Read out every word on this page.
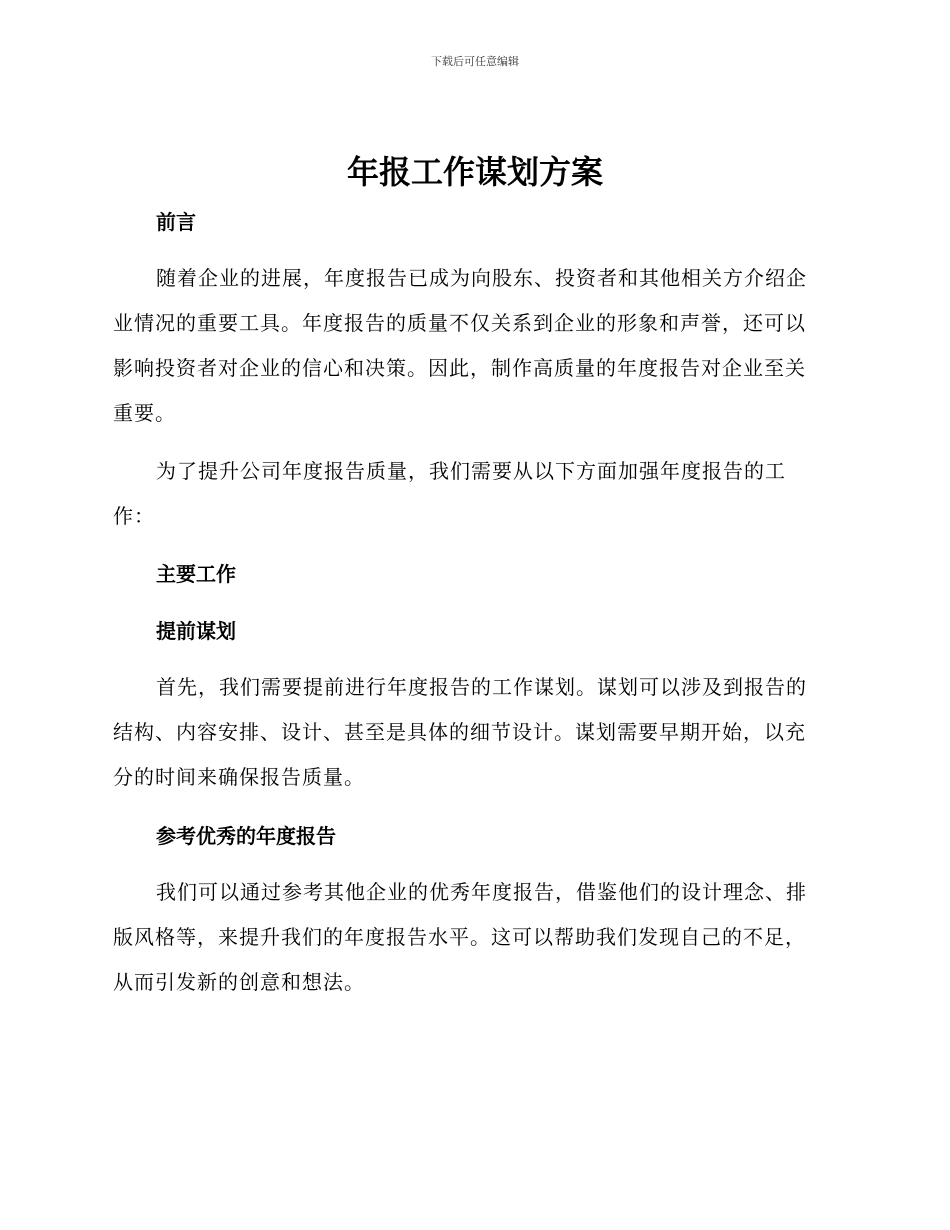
下载后可任意编辑
年报工作谋划方案
前言
随着企业的进展，年度报告已成为向股东、投资者和其他相关方介绍企
业情况的重要工具。年度报告的质量不仅关系到企业的形象和声誉，还可以
影响投资者对企业的信心和决策。因此，制作高质量的年度报告对企业至关
重要。
为了提升公司年度报告质量，我们需要从以下方面加强年度报告的工
作：
主要工作
提前谋划
首先，我们需要提前进行年度报告的工作谋划。谋划可以涉及到报告的
结构、内容安排、设计、甚至是具体的细节设计。谋划需要早期开始，以充
分的时间来确保报告质量。
参考优秀的年度报告
我们可以通过参考其他企业的优秀年度报告，借鉴他们的设计理念、排
版风格等，来提升我们的年度报告水平。这可以帮助我们发现自己的不足，
从而引发新的创意和想法。
